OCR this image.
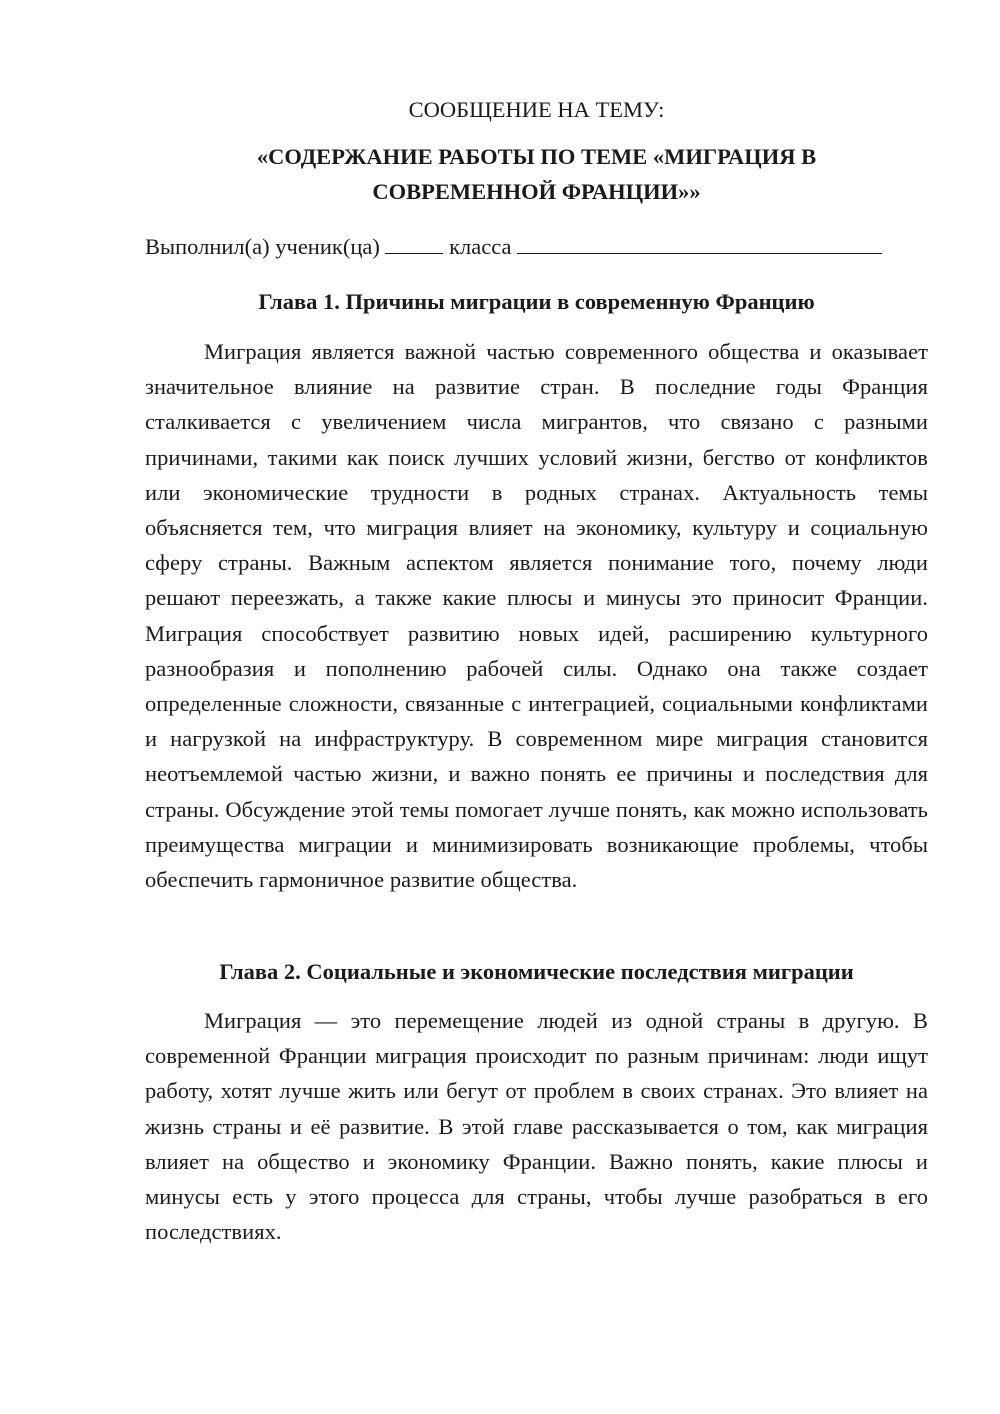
СООБЩЕНИЕ НА ТЕМУ:
«СОДЕРЖАНИЕ РАБОТЫ ПО ТЕМЕ «МИГРАЦИЯ В
СОВРЕМЕННОЙ ФРАНЦИИ»»
Выполнил(а) ученик(ца)	класса
Глава 1. Причины миграции в современную Францию
Миграция является важной частью современного общества и оказывает значительное влияние на развитие стран. В последние годы Франция сталкивается с увеличением числа мигрантов, что связано с разными причинами, такими как поиск лучших условий жизни, бегство от конфликтов или экономические трудности в родных странах. Актуальность темы объясняется тем, что миграция влияет на экономику, культуру и социальную сферу страны. Важным аспектом является понимание того, почему люди решают переезжать, а также какие плюсы и минусы это приносит Франции. Миграция способствует развитию новых идей, расширению культурного разнообразия и пополнению рабочей силы. Однако она также создает определенные сложности, связанные с интеграцией, социальными конфликтами и нагрузкой на инфраструктуру. В современном мире миграция становится неотъемлемой частью жизни, и важно понять ее причины и последствия для страны. Обсуждение этой темы помогает лучше понять, как можно использовать преимущества миграции и минимизировать возникающие проблемы, чтобы обеспечить гармоничное развитие общества.
Глава 2. Социальные и экономические последствия миграции
Миграция — это перемещение людей из одной страны в другую. В современной Франции миграция происходит по разным причинам: люди ищут работу, хотят лучше жить или бегут от проблем в своих странах. Это влияет на жизнь страны и её развитие. В этой главе рассказывается о том, как миграция влияет на общество и экономику Франции. Важно понять, какие плюсы и минусы есть у этого процесса для страны, чтобы лучше разобраться в его последствиях.
